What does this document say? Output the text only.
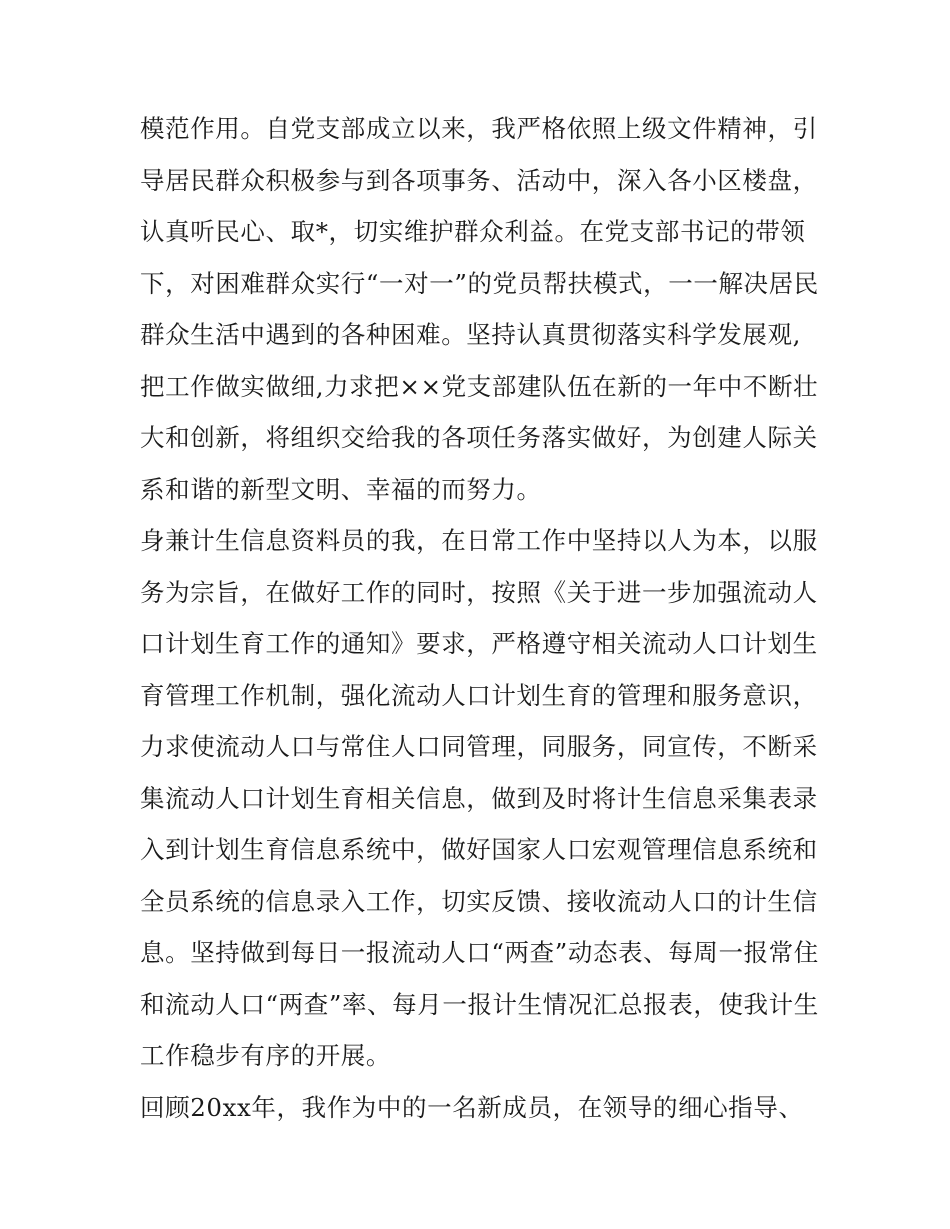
模范作用。自党支部成立以来，我严格依照上级文件精神，引
导居民群众积极参与到各项事务、活动中，深入各小区楼盘，
认真听民心、取*，切实维护群众利益。在党支部书记的带领
下，对困难群众实行“一对一”的党员帮扶模式，一一解决居民
群众生活中遇到的各种困难。坚持认真贯彻落实科学发展观,
把工作做实做细,力求把××党支部建队伍在新的一年中不断壮
大和创新，将组织交给我的各项任务落实做好，为创建人际关
系和谐的新型文明、幸福的而努力。

身兼计生信息资料员的我，在日常工作中坚持以人为本，以服
务为宗旨，在做好工作的同时，按照《关于进一步加强流动人
口计划生育工作的通知》要求，严格遵守相关流动人口计划生
育管理工作机制，强化流动人口计划生育的管理和服务意识，
力求使流动人口与常住人口同管理，同服务，同宣传，不断采
集流动人口计划生育相关信息，做到及时将计生信息采集表录
入到计划生育信息系统中，做好国家人口宏观管理信息系统和
全员系统的信息录入工作，切实反馈、接收流动人口的计生信
息。坚持做到每日一报流动人口“两查”动态表、每周一报常住
和流动人口“两查”率、每月一报计生情况汇总报表，使我计生
工作稳步有序的开展。

回顾20xx年，我作为中的一名新成员，在领导的细心指导、
